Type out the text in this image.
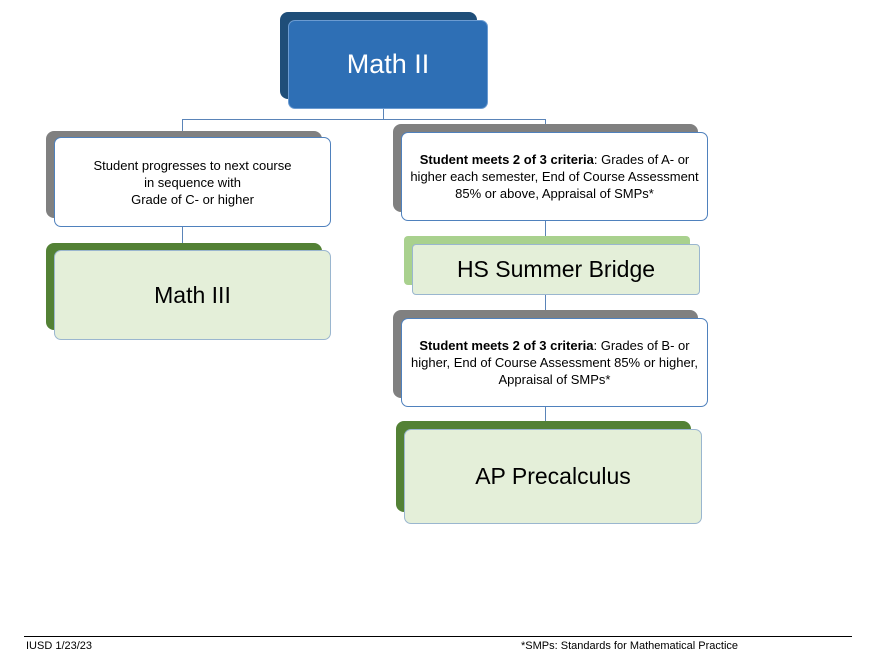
Math II
Student progresses to next course
in sequence with
Grade of C- or higher
Math III
Student meets 2 of 3 criteria: Grades of A- or higher each semester, End of Course Assessment 85% or above, Appraisal of SMPs*
HS Summer Bridge
Student meets 2 of 3 criteria: Grades of B- or higher, End of Course Assessment 85% or higher, Appraisal of SMPs*
AP Precalculus
IUSD 1/23/23	*SMPs: Standards for Mathematical Practice
